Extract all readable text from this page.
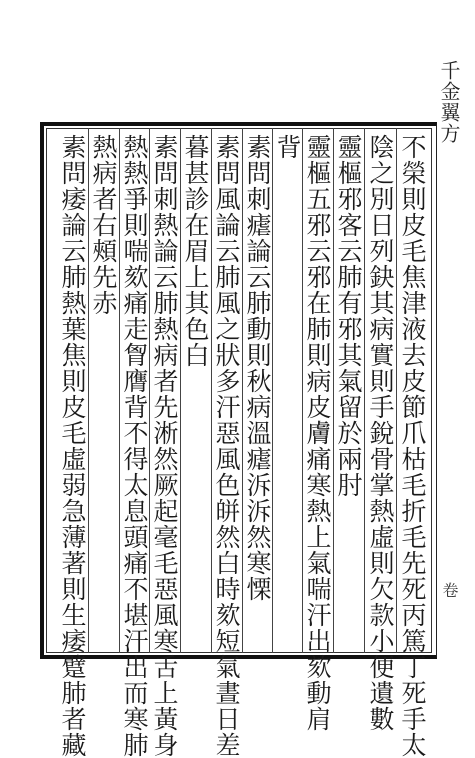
千金翼方
卷
不榮則皮毛焦津液去皮節爪枯毛折毛先死丙篤丁死手太
陰之別日列鈌其病實則手銳骨掌熱虛則欠款小便遺數
靈樞邪客云肺有邪其氣留於兩肘
靈樞五邪云邪在肺則病皮膚痛寒熱上氣喘汗出欬動肩
背
素問刺瘧論云肺動則秋病溫瘧泝泝然寒慄
素問風論云肺風之狀多汗惡風色皏然白時欬短氣晝日差
暮甚診在眉上其色白
素問刺熱論云肺熱病者先淅然厥起毫毛惡風寒舌上黃身
熱熱爭則喘欬痛走胷膺背不得太息頭痛不堪汗出而寒肺
熱病者右頰先赤
素問痿論云肺熱葉焦則皮毛虛弱急薄著則生痿躄肺者藏
